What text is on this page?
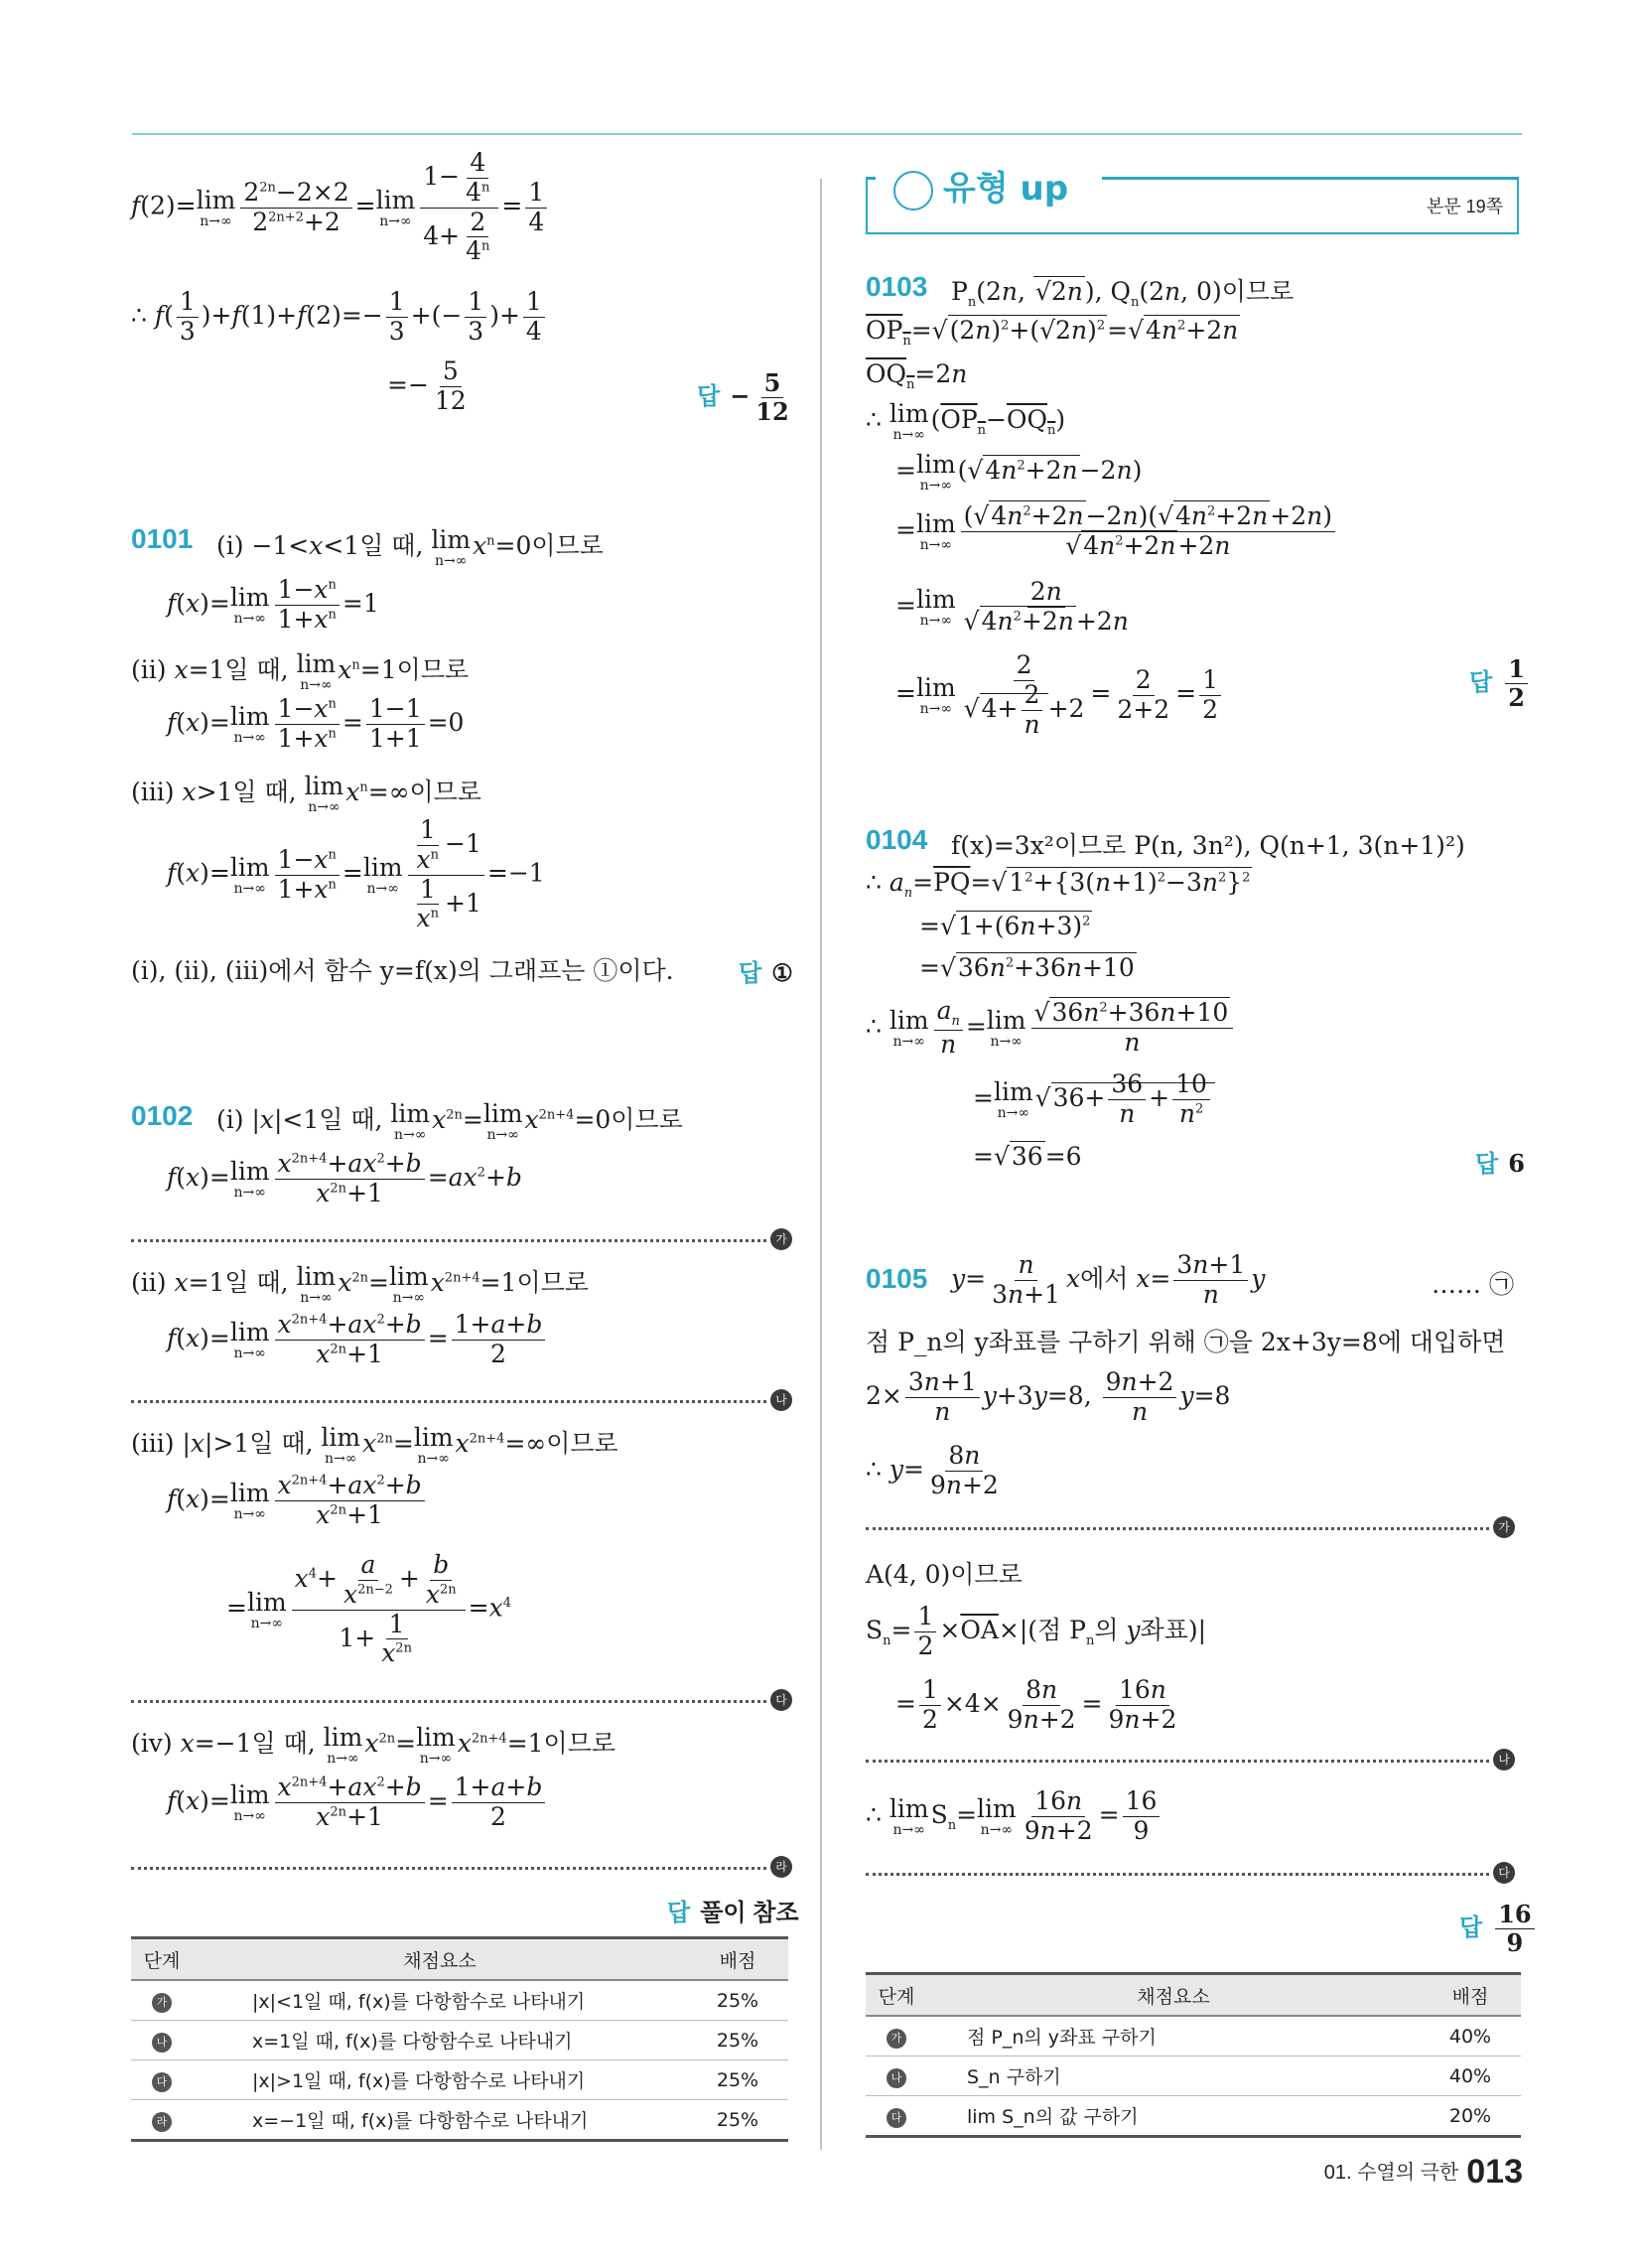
f(2)=lim
$n\to\infty \frac{2^{2n}-2\times 2}{2^{2n+2}+2} =\lim$
$n\to\infty \frac{1- \frac{4}{4^n}}{4+ \frac{2}{4^n}} = \frac{1}{4}$
∴ $f( \frac{1}{3} )+f(1)+f(2)=- \frac{1}{3}$ +(− $\frac{1}{3}$ )+ $\frac{1}{4}$
=− $\frac{5}{12}$	답 − $\frac{5}{12}$
0101 (ⅰ) −1<x<1일 때, lim
n→∞
$x^n=0$이므로
f(x)=lim
$n\to\infty \frac{1-x^n}{1+x^n} =1$
(ⅱ) x=1일 때, lim
n→∞
$x^n=1$이므로
f(x)=lim
$n\to\infty \frac{1-x^n}{1+x^n} = \frac{1-1}{1+1} =0$
(ⅲ) x>1일 때, lim
n→∞
$x^n=\infty$이므로
f(x)=lim
$n\to\infty \frac{1-x^n}{1+x^n} =\lim$
$n\to\infty \frac{\frac{1}{x^n} -1}{\frac{1}{x^n} +1} =-1$
(ⅰ), (ⅱ), (ⅲ)에서 함수 y=f(x)의 그래프는 ①이다.	답 ①
0102 (ⅰ) |x|<1일 때, lim
n→∞
$x^{2n}=\lim$
n→∞
$x^{2n+4}=0$이므로
f(x)=lim
$n\to\infty \frac{x^{2n+4}+ax^2+b}{x^{2n}+1} =ax^2+b$
가
(ⅱ) x=1일 때, lim
n→∞
$x^{2n}=\lim$
n→∞
$x^{2n+4}=1$이므로
f(x)=lim
$n\to\infty \frac{x^{2n+4}+ax^2+b}{x^{2n}+1} = \frac{1+a+b}{2}$
나
(ⅲ) |x|>1일 때, lim
n→∞
$x^{2n}=\lim$
n→∞
$x^{2n+4}=\infty$이므로
f(x)=lim
$n\to\infty \frac{x^{2n+4}+ax^2+b}{x^{2n}+1}$
=lim
$n\to\infty \frac{x^4+ \frac{a}{x^{2n-2}} + \frac{b}{x^{2n}}}{1+ \frac{1}{x^{2n}}} =x^4$
다
(ⅳ) x=−1일 때, lim
n→∞
$x^{2n}=\lim$
n→∞
$x^{2n+4}=1$이므로
f(x)=lim
$n\to\infty \frac{x^{2n+4}+ax^2+b}{x^{2n}+1} = \frac{1+a+b}{2}$
라
답 풀이 참조
단계	채점요소	배점
가	|x|<1일 때, f(x)를 다항함수로 나타내기	25%
나	x=1일 때, f(x)를 다항함수로 나타내기	25%
다	|x|>1일 때, f(x)를 다항함수로 나타내기	25%
라	x=−1일 때, f(x)를 다항함수로 나타내기	25%
유형 up	본문 19쪽
0103 $P_n(2n$, √2n), $Q_n(2n$, 0)이므로
$OP_n=√(2n)^2+(√2n)^2=√4n^2+2n$
$OQ_n=2n$
∴ lim
n→∞
$(OP_n-OQ_n)$
=lim
n→∞
$(√4n^2+2n-2n)$
=lim
$n\to\infty \frac{(√4n^2+2n-2n)(√4n^2+2n+2n)}{√4n^2+2n+2n}$
=lim
$n\to\infty \frac{2n}{√4n^2+2n+2n}$
=lim
$n\to\infty \frac{2}{√4+ \frac{2}{n} +2} = \frac{2}{2+2} = \frac{1}{2}$	답 $\frac{1}{2}$
0104 f(x)=3x²이므로 P(n, 3n²), Q(n+1, 3(n+1)²)
∴ $a_n=\overline{PQ}=√1^2+\{3(n+1)^2-3n^2\}^2$
$=√1+(6n+3)^2$
$=√36n^2+36n+10$
∴ lim
$n\to\infty \frac{a_n}{n} =\lim$
$n\to\infty \frac{√36n^2+36n+10}{n}$
=lim
n→∞
$√36+ \frac{36}{n} + \frac{10}{n^2}$
=√36=6	답 6
0105 $y= \frac{n}{3n+1}$ x에서 $x= \frac{3n+1}{n}$ y	…… ㉠
점 P_n의 y좌표를 구하기 위해 ㉠을 2x+3y=8에 대입하면
$2\times \frac{3n+1}{n} y+3y=8$, $\frac{9n+2}{n} y=8$
∴ $y= \frac{8n}{9n+2}$
가
A(4, 0)이므로
$S_n= \frac{1}{2} \times\overline{OA}\times|$(점 $P_n$의 y좌표)|
= $\frac{1}{2} \times 4\times \frac{8n}{9n+2} = \frac{16n}{9n+2}$
나
∴ lim
n→∞
$S_n=\lim$
$n\to\infty \frac{16n}{9n+2} = \frac{16}{9}$
다
답 $\frac{16}{9}$
단계	채점요소	배점
가	점 P_n의 y좌표 구하기	40%
나	S_n 구하기	40%
다	lim S_n의 값 구하기	20%
01. 수열의 극한 013
